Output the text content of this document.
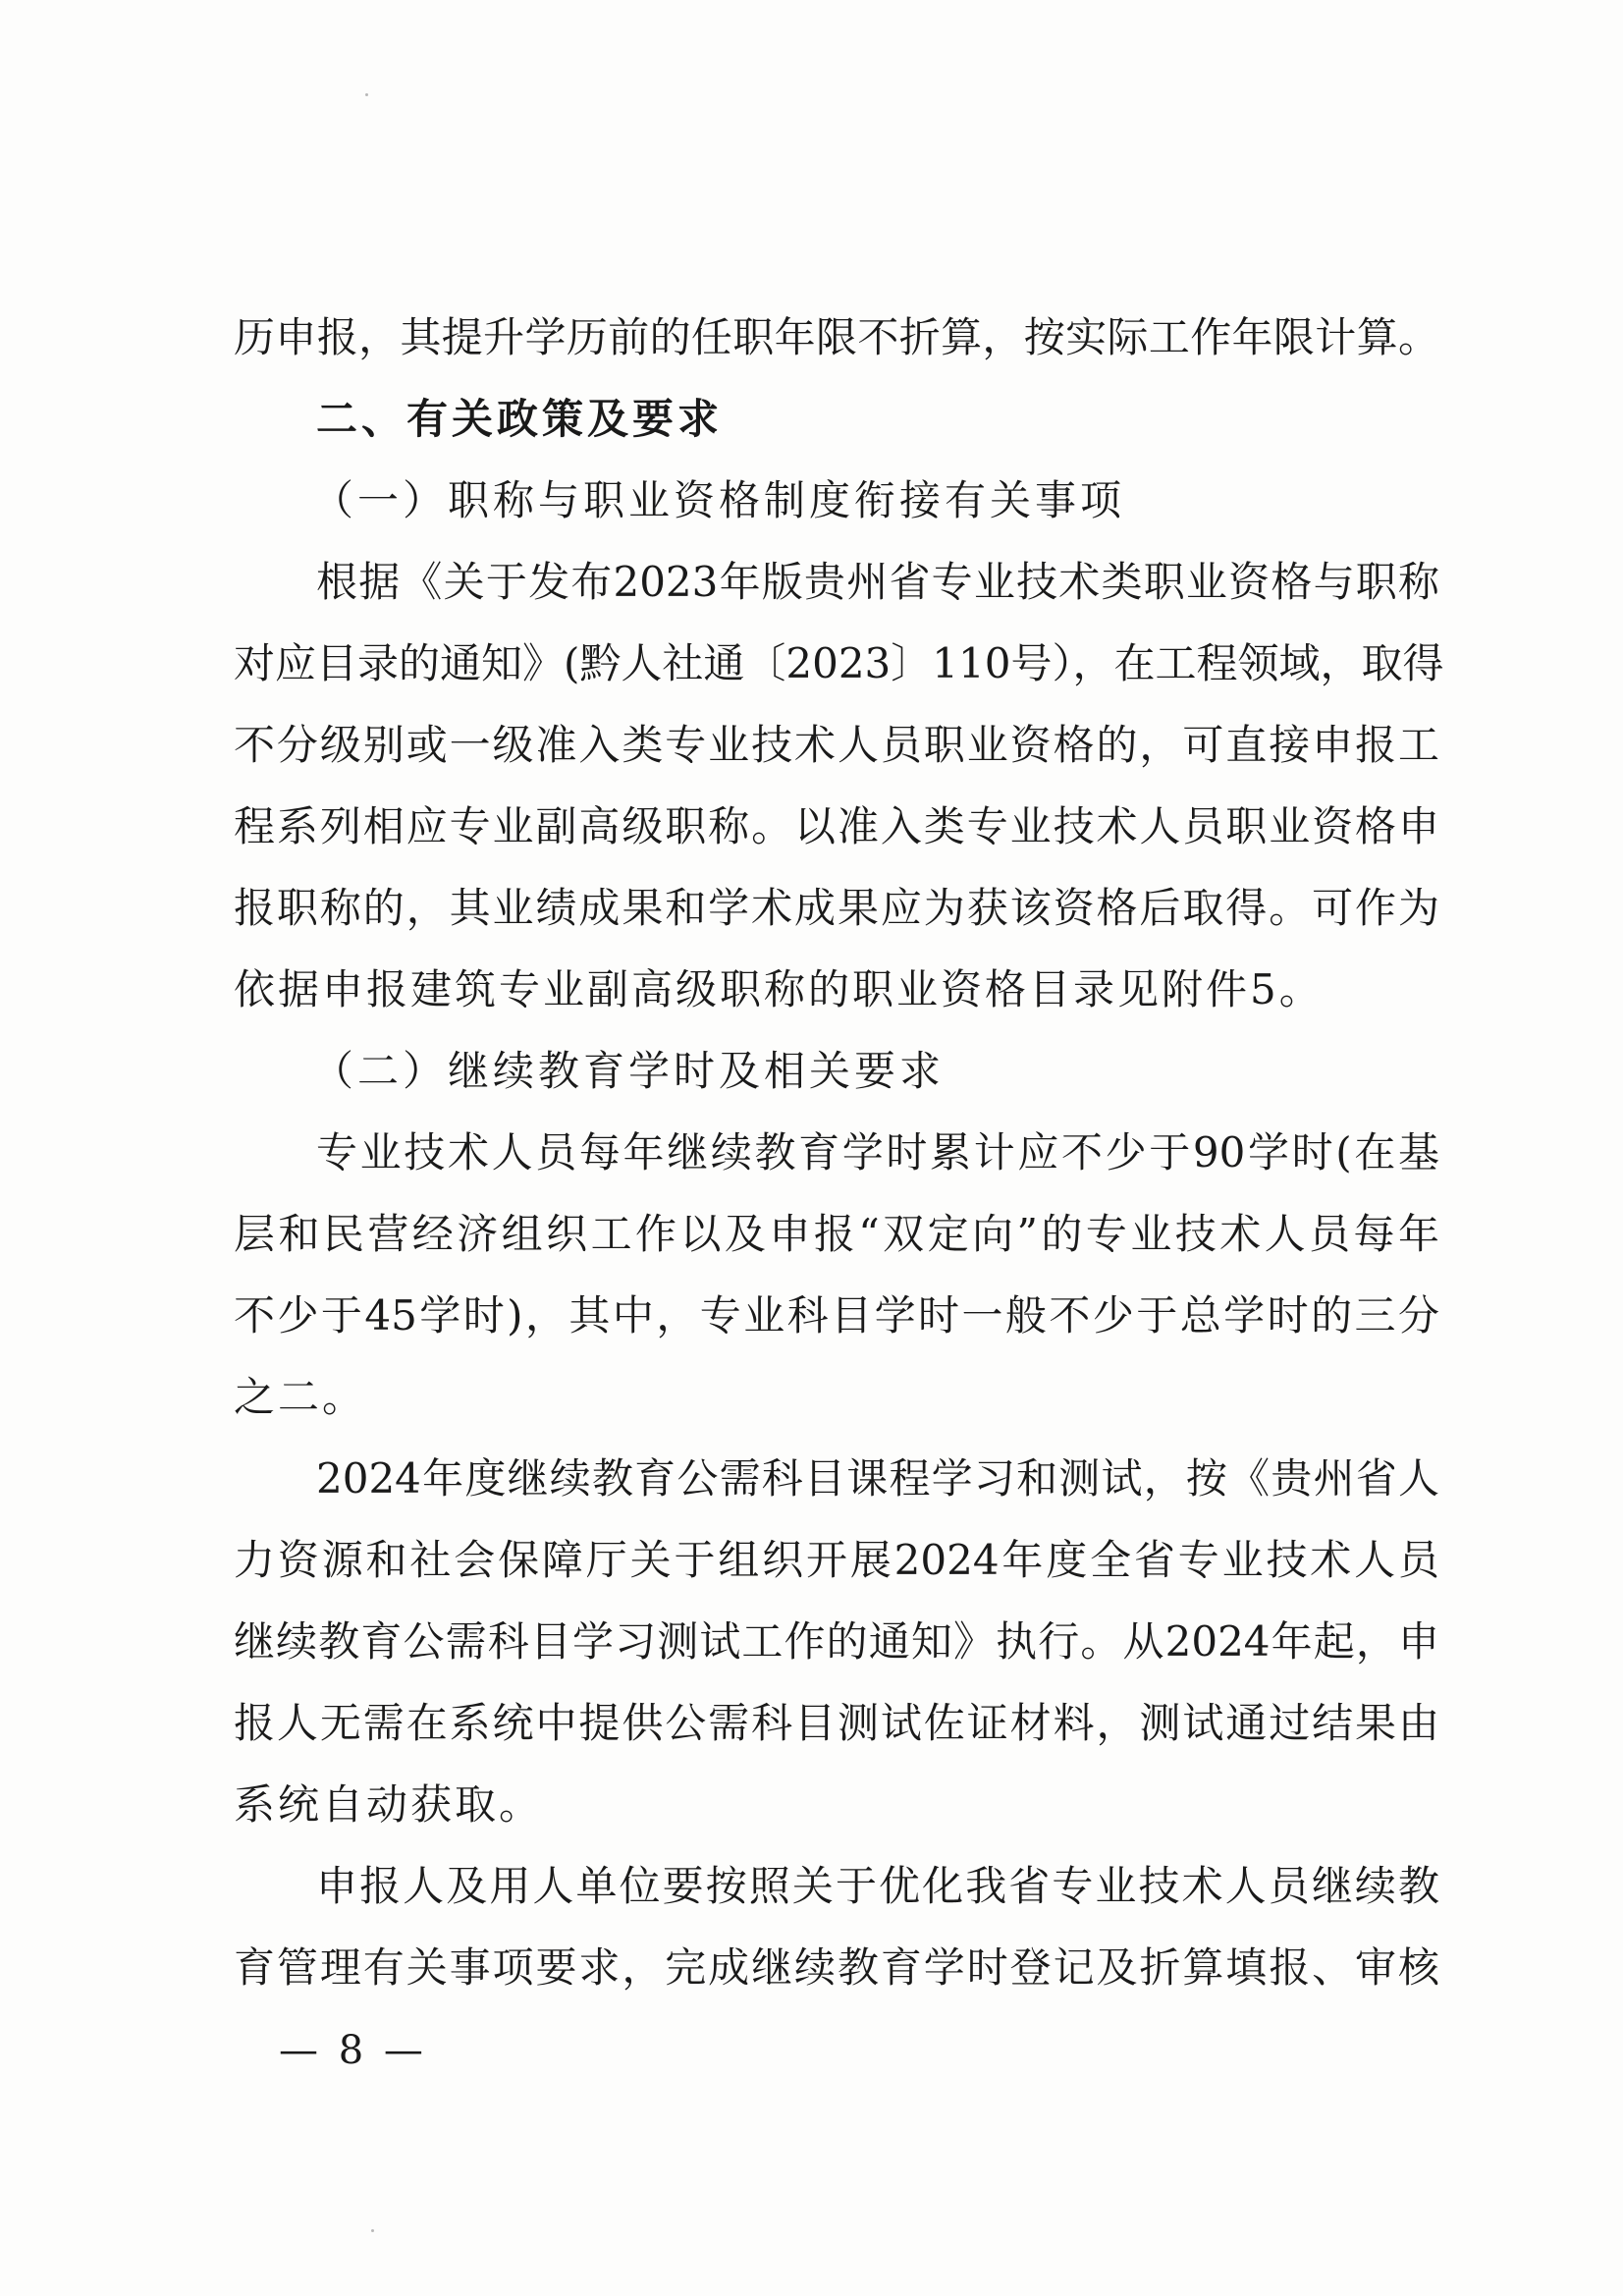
历申报，其提升学历前的任职年限不折算，按实际工作年限计算。
二、有关政策及要求
（一）职称与职业资格制度衔接有关事项
根据《关于发布2023年版贵州省专业技术类职业资格与职称
对应目录的通知》(黔人社通〔2023〕110号），在工程领域，取得
不分级别或一级准入类专业技术人员职业资格的，可直接申报工
程系列相应专业副高级职称。以准入类专业技术人员职业资格申
报职称的，其业绩成果和学术成果应为获该资格后取得。可作为
依据申报建筑专业副高级职称的职业资格目录见附件5。
（二）继续教育学时及相关要求
专业技术人员每年继续教育学时累计应不少于90学时(在基
层和民营经济组织工作以及申报“双定向”的专业技术人员每年
不少于45学时)，其中，专业科目学时一般不少于总学时的三分
之二。
2024年度继续教育公需科目课程学习和测试，按《贵州省人
力资源和社会保障厅关于组织开展2024年度全省专业技术人员
继续教育公需科目学习测试工作的通知》执行。从2024年起，申
报人无需在系统中提供公需科目测试佐证材料，测试通过结果由
系统自动获取。
申报人及用人单位要按照关于优化我省专业技术人员继续教
育管理有关事项要求，完成继续教育学时登记及折算填报、审核
— 8 —
